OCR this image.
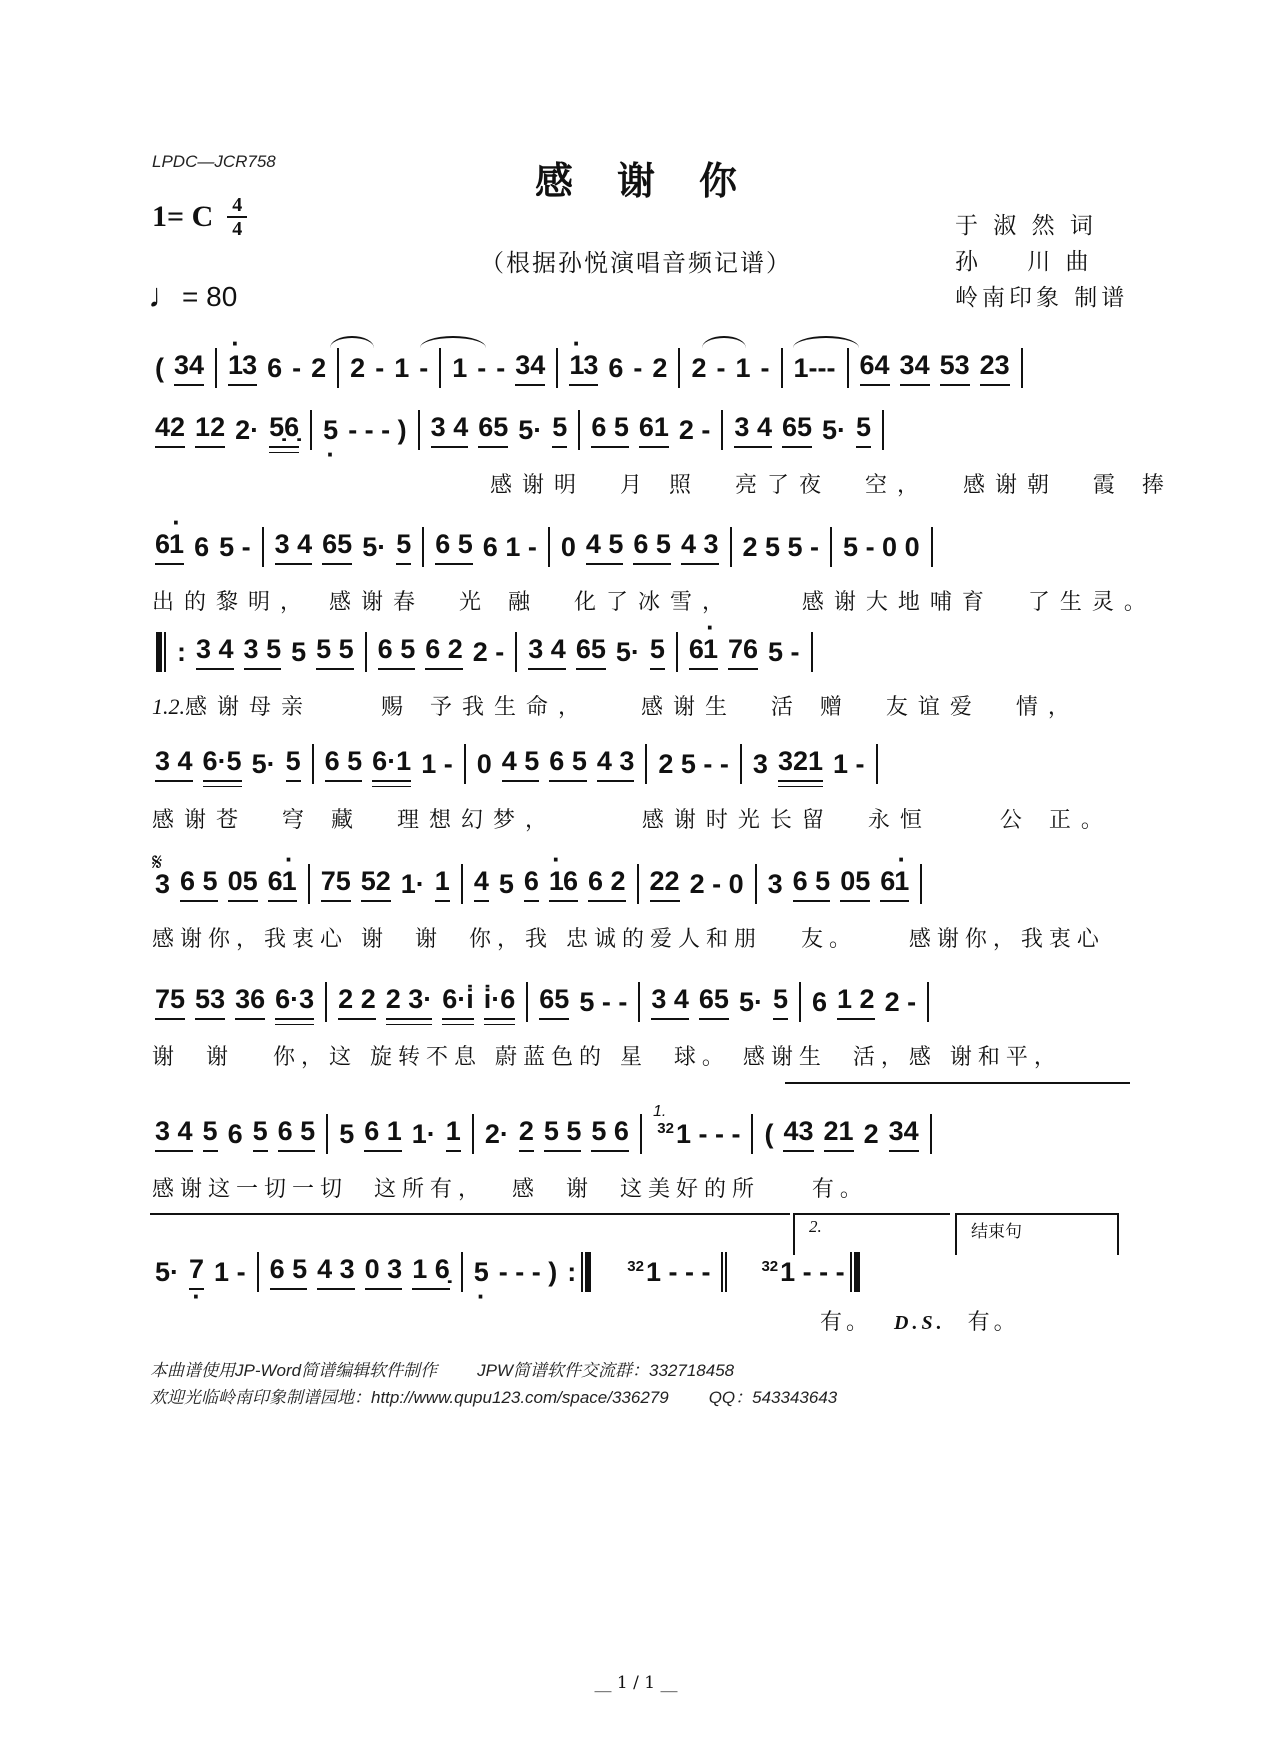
LPDC—JCR758	感 谢 你
1= C 4
4
（根据孙悦演唱音频记谱）
♩ = 80
于 淑 然 词
孙    川 曲
岭南印象 制谱
( 34 · 1 3 6 - 2 2 - 1 - 1 - - 34 · 1 3 6 - 2 2 - 1 - 1--- 64 34 53 23
42 12 2· 5̣6̣ 5 · - - - ) 3 4 65 5· 5 6 5 61 2 - 3 4 65 5· 5
感谢明  月 照  亮了夜  空，  感谢朝  霞 捧
6 · 1 6 5 - 3 4 65 5· 5 6 5 6 1 - 0 4 5 6 5 4 3 2 5 5 - 5 - 0 0
出的黎明， 感谢春  光 融  化了冰雪，    感谢大地哺育  了生灵。
: 3 4 3 5 5 5 5 6 5 6 2 2 - 3 4 65 5· 5 6 · 1 76 5 -
1.2.感谢母亲    赐 予我生命，   感谢生  活 赠  友谊爱  情，
3 4 6·5 5· 5 6 5 6·1 1 - 0 4 5 6 5 4 3 2 5 - - 3 321 1 -
感谢苍  穹 藏  理想幻梦，     感谢时光长留  永恒    公 正。
𝄋
3 6 5 05 6 · 1 75 52 1· 1 4 5 6 · 1 6 6 2 22 2 - 0 3 6 5 05 6 · 1
感谢你，我衷心 谢  谢  你，我 忠诚的爱人和朋   友。    感谢你，我衷心
75 53 36 6·3 2 2 2 3· 6·i̇ i̇·6 65 5 - - 3 4 65 5· 5 6 1 2 2 -
谢  谢   你，这 旋转不息 蔚蓝色的 星  球。 感谢生  活，感 谢和平，
3 4 5 6 5 6 5 5 6 1 1· 1 2· 2 5 5 5 6
1.
$^{32}$1 - - - ( 43 21 2 34
感谢这一切一切  这所有，  感  谢  这美好的所    有。
2.	结束句
5· 7 · 1 - 6 5 4 3 0 3 1 6̣ 5 · - - - ) :	$^{32}$1 - - -	$^{32}$1 - - -
有。  D.S.  有。
本曲谱使用JP-Word简谱编辑软件制作 JPW简谱软件交流群：332718458
欢迎光临岭南印象制谱园地：http://www.qupu123.com/space/336279 QQ：543343643
__ 1 / 1 __
